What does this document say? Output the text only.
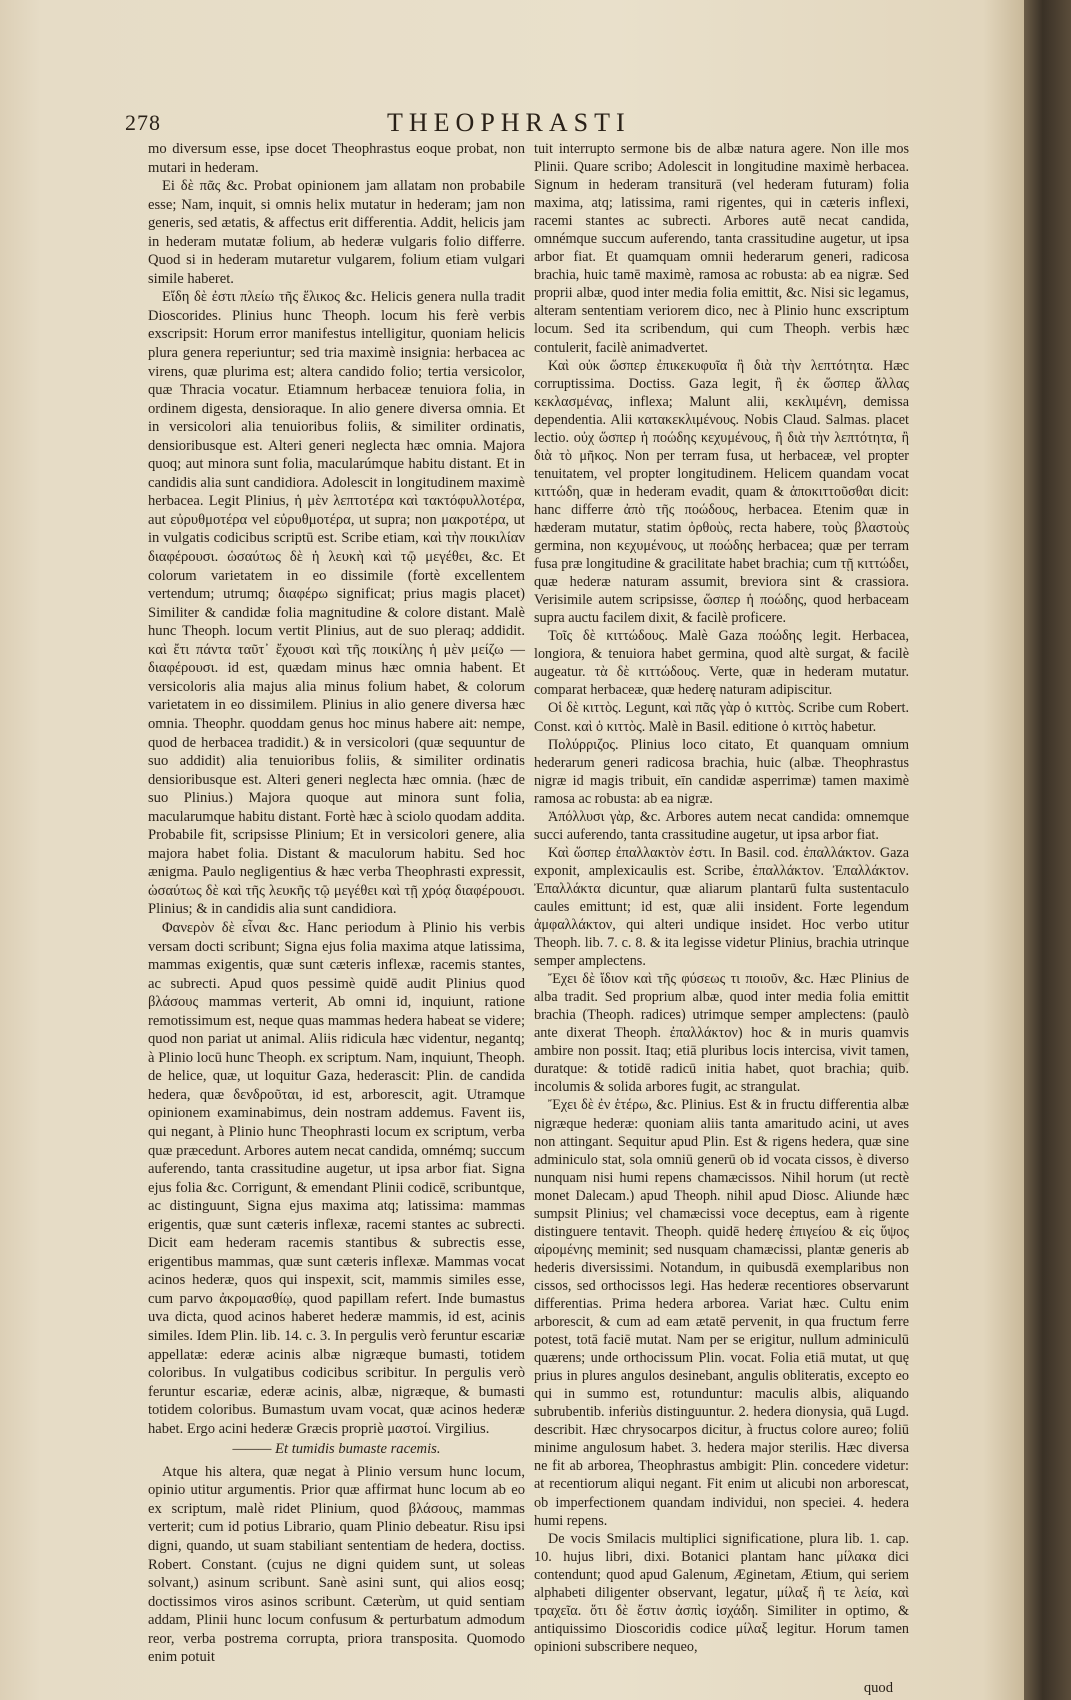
278	THEOPHRASTI

mo diversum esse, ipse docet Theophrastus eoque probat, non mutari in hederam.

Ei δὲ πᾶς &c. Probat opinionem jam allatam non probabile esse; Nam, inquit, si omnis helix mutatur in hederam; jam non generis, sed ætatis, & affectus erit differentia. Addit, helicis jam in hederam mutatæ folium, ab hederæ vulgaris folio differre. Quod si in hederam mutaretur vulgarem, folium etiam vulgari simile haberet.

Εἴδη δὲ ἐστι πλείω τῆς ἕλικος &c. Helicis genera nulla tradit Dioscorides. Plinius hunc Theoph. locum his ferè verbis exscripsit: Horum error manifestus intelligitur, quoniam helicis plura genera reperiuntur; sed tria maximè insignia: herbacea ac virens, quæ plurima est; altera candido folio; tertia versicolor, quæ Thracia vocatur. Etiamnum herbaceæ tenuiora folia, in ordinem digesta, densioraque. In alio genere diversa omnia. Et in versicolori alia tenuioribus foliis, & similiter ordinatis, densioribusque est. Alteri generi neglecta hæc omnia. Majora quoq; aut minora sunt folia, macularúmque habitu distant. Et in candidis alia sunt candidiora. Adolescit in longitudinem maximè herbacea. Legit Plinius, ἡ μὲν λεπτοτέρα καὶ τακτόφυλλοτέρα, aut εὐρυθμοτέρα vel εὐρυθμοτέρα, ut supra; non μακροτέρα, ut in vulgatis codicibus scriptū est. Scribe etiam, καὶ τὴν ποικιλίαν διαφέρουσι. ὡσαύτως δὲ ἡ λευκὴ καὶ τῷ μεγέθει, &c. Et colorum varietatem in eo dissimile (fortè excellentem vertendum; utrumq; διαφέρω significat; prius magis placet) Similiter & candidæ folia magnitudine & colore distant. Malè hunc Theoph. locum vertit Plinius, aut de suo pleraq; addidit. καὶ ἔτι πάντα ταῦτ᾽ ἔχουσι καὶ τῆς ποικίλης ἡ μὲν μείζω — διαφέρουσι. id est, quædam minus hæc omnia habent. Et versicoloris alia majus alia minus folium habet, & colorum varietatem in eo dissimilem. Plinius in alio genere diversa hæc omnia. Theophr. quoddam genus hoc minus habere ait: nempe, quod de herbacea tradidit.) & in versicolori (quæ sequuntur de suo addidit) alia tenuioribus foliis, & similiter ordinatis densioribusque est. Alteri generi neglecta hæc omnia. (hæc de suo Plinius.) Majora quoque aut minora sunt folia, macularumque habitu distant. Fortè hæc à sciolo quodam addita. Probabile fit, scripsisse Plinium; Et in versicolori genere, alia majora habet folia. Distant & maculorum habitu. Sed hoc ænigma. Paulo negligentius & hæc verba Theophrasti expressit, ὡσαύτως δὲ καὶ τῆς λευκῆς τῷ μεγέθει καὶ τῇ χρόᾳ διαφέρουσι. Plinius; & in candidis alia sunt candidiora.

Φανερὸν δὲ εἶναι &c. Hanc periodum à Plinio his verbis versam docti scribunt; Signa ejus folia maxima atque latissima, mammas exigentis, quæ sunt cæteris inflexæ, racemis stantes, ac subrecti. Apud quos pessimè quidē audit Plinius quod βλάσους mammas verterit, Ab omni id, inquiunt, ratione remotissimum est, neque quas mammas hedera habeat se videre; quod non pariat ut animal. Aliis ridicula hæc videntur, negantq; à Plinio locū hunc Theoph. ex scriptum. Nam, inquiunt, Theoph. de helice, quæ, ut loquitur Gaza, hederascit: Plin. de candida hedera, quæ δενδροῦται, id est, arborescit, agit. Utramque opinionem examinabimus, dein nostram addemus. Favent iis, qui negant, à Plinio hunc Theophrasti locum ex scriptum, verba quæ præcedunt. Arbores autem necat candida, omnémq; succum auferendo, tanta crassitudine augetur, ut ipsa arbor fiat. Signa ejus folia &c. Corrigunt, & emendant Plinii codicē, scribuntque, ac distinguunt, Signa ejus maxima atq; latissima: mammas erigentis, quæ sunt cæteris inflexæ, racemi stantes ac subrecti. Dicit eam hederam racemis stantibus & subrectis esse, erigentibus mammas, quæ sunt cæteris inflexæ. Mammas vocat acinos hederæ, quos qui inspexit, scit, mammis similes esse, cum parvo ἀκρομασθίῳ, quod papillam refert. Inde bumastus uva dicta, quod acinos haberet hederæ mammis, id est, acinis similes. Idem Plin. lib. 14. c. 3. In pergulis verò feruntur escariæ appellatæ: ederæ acinis albæ nigræque bumasti, totidem coloribus. In vulgatibus codicibus scribitur. In pergulis verò feruntur escariæ, ederæ acinis, albæ, nigræque, & bumasti totidem coloribus. Bumastum uvam vocat, quæ acinos hederæ habet. Ergo acini hederæ Græcis propriè μαστοί. Virgilius.

——— Et tumidis bumaste racemis.

Atque his altera, quæ negat à Plinio versum hunc locum, opinio utitur argumentis. Prior quæ affirmat hunc locum ab eo ex scriptum, malè ridet Plinium, quod βλάσους, mammas verterit; cum id potius Librario, quam Plinio debeatur. Risu ipsi digni, quando, ut suam stabiliant sententiam de hedera, doctiss. Robert. Constant. (cujus ne digni quidem sunt, ut soleas solvant,) asinum scribunt. Sanè asini sunt, qui alios eosq; doctissimos viros asinos scribunt. Cæterùm, ut quid sentiam addam, Plinii hunc locum confusum & perturbatum admodum reor, verba postrema corrupta, priora transposita. Quomodo enim potuit

tuit interrupto sermone bis de albæ natura agere. Non ille mos Plinii. Quare scribo; Adolescit in longitudine maximè herbacea. Signum in hederam transiturā (vel hederam futuram) folia maxima, atq; latissima, rami rigentes, qui in cæteris inflexi, racemi stantes ac subrecti. Arbores autē necat candida, omnémque succum auferendo, tanta crassitudine augetur, ut ipsa arbor fiat. Et quamquam omnii hederarum generi, radicosa brachia, huic tamē maximè, ramosa ac robusta: ab ea nigræ. Sed proprii albæ, quod inter media folia emittit, &c. Nisi sic legamus, alteram sententiam veriorem dico, nec à Plinio hunc exscriptum locum. Sed ita scribendum, qui cum Theoph. verbis hæc contulerit, facilè animadvertet.

Καὶ οὐκ ὥσπερ ἐπικεκυφυῖα ἢ διὰ τὴν λεπτότητα. Hæc corruptissima. Doctiss. Gaza legit, ἢ ἐκ ὥσπερ ἄλλας κεκλασμένας, inflexa; Malunt alii, κεκλιμένη, demissa dependentia. Alii κατακεκλιμένους. Nobis Claud. Salmas. placet lectio. οὐχ ὥσπερ ἡ ποώδης κεχυμένους, ἢ διὰ τὴν λεπτότητα, ἢ διὰ τὸ μῆκος. Non per terram fusa, ut herbaceæ, vel propter tenuitatem, vel propter longitudinem. Helicem quandam vocat κιττώδη, quæ in hederam evadit, quam & ἀποκιττοῦσθαι dicit: hanc differre ἀπὸ τῆς ποώδους, herbacea. Etenim quæ in hæderam mutatur, statim ὀρθοὺς, recta habere, τοὺς βλαστοὺς germina, non κεχυμένους, ut ποώδης herbacea; quæ per terram fusa præ longitudine & gracilitate habet brachia; cum τῇ κιττώδει, quæ hederæ naturam assumit, breviora sint & crassiora. Verisimile autem scripsisse, ὥσπερ ἡ ποώδης, quod herbaceam supra auctu facilem dixit, & facilè proficere.

Τοῖς δὲ κιττώδους. Malè Gaza ποώδης legit. Herbacea, longiora, & tenuiora habet germina, quod altè surgat, & facilè augeatur. τὰ δὲ κιττώδους. Verte, quæ in hederam mutatur. comparat herbaceæ, quæ hederę naturam adipiscitur.

Οἱ δὲ κιττὸς. Legunt, καὶ πᾶς γὰρ ὁ κιττὸς. Scribe cum Robert. Const. καὶ ὁ κιττὸς. Malè in Basil. editione ὁ κιττὸς habetur.

Πολύρριζος. Plinius loco citato, Et quanquam omnium hederarum generi radicosa brachia, huic (albæ. Theophrastus nigræ id magis tribuit, eīn candidæ asperrimæ) tamen maximè ramosa ac robusta: ab ea nigræ.

Ἀπόλλυσι γὰρ, &c. Arbores autem necat candida: omnemque succi auferendo, tanta crassitudine augetur, ut ipsa arbor fiat.

Καὶ ὥσπερ ἐπαλλακτὸν ἐστι. In Basil. cod. ἐπαλλάκτον. Gaza exponit, amplexicaulis est. Scribe, ἐπαλλάκτον. Ἐπαλλάκτον. Ἐπαλλάκτα dicuntur, quæ aliarum plantarū fulta sustentaculo caules emittunt; id est, quæ alii insident. Forte legendum ἀμφαλλάκτον, qui alteri undique insidet. Hoc verbo utitur Theoph. lib. 7. c. 8. & ita legisse videtur Plinius, brachia utrinque semper amplectens.

Ἔχει δὲ ἴδιον καὶ τῆς φύσεως τι ποιοῦν, &c. Hæc Plinius de alba tradit. Sed proprium albæ, quod inter media folia emittit brachia (Theoph. radices) utrimque semper amplectens: (paulò ante dixerat Theoph. ἐπαλλάκτον) hoc & in muris quamvis ambire non possit. Itaq; etiā pluribus locis intercisa, vivit tamen, duratque: & totidē radicū initia habet, quot brachia; quib. incolumis & solida arbores fugit, ac strangulat.

Ἔχει δὲ ἐν ἑτέρω, &c. Plinius. Est & in fructu differentia albæ nigræque hederæ: quoniam aliis tanta amaritudo acini, ut aves non attingant. Sequitur apud Plin. Est & rigens hedera, quæ sine adminiculo stat, sola omniū generū ob id vocata cissos, è diverso nunquam nisi humi repens chamæcissos. Nihil horum (ut rectè monet Dalecam.) apud Theoph. nihil apud Diosc. Aliunde hæc sumpsit Plinius; vel chamæcissi voce deceptus, eam à rigente distinguere tentavit. Theoph. quidē hederę ἐπιγείου & εἰς ὕψος αἰρομένης meminit; sed nusquam chamæcissi, plantæ generis ab hederis diversissimi. Notandum, in quibusdā exemplaribus non cissos, sed orthocissos legi. Has hederæ recentiores observarunt differentias. Prima hedera arborea. Variat hæc. Cultu enim arborescit, & cum ad eam ætatē pervenit, in qua fructum ferre potest, totā faciē mutat. Nam per se erigitur, nullum adminiculū quærens; unde orthocissum Plin. vocat. Folia etiā mutat, ut quę prius in plures angulos desinebant, angulis obliteratis, excepto eo qui in summo est, rotunduntur: maculis albis, aliquando subrubentib. inferiùs distinguuntur. 2. hedera dionysia, quā Lugd. describit. Hæc chrysocarpos dicitur, à fructus colore aureo; foliū minime angulosum habet. 3. hedera major sterilis. Hæc diversa ne fit ab arborea, Theophrastus ambigit: Plin. concedere videtur: at recentiorum aliqui negant. Fit enim ut alicubi non arborescat, ob imperfectionem quandam individui, non speciei. 4. hedera humi repens.

De vocis Smilacis multiplici significatione, plura lib. 1. cap. 10. hujus libri, dixi. Botanici plantam hanc μίλακα dici contendunt; quod apud Galenum, Æginetam, Ætium, qui seriem alphabeti diligenter observant, legatur, μίλαξ ἢ τε λεία, καὶ τραχεῖα. ὅτι δὲ ἔστιν ἀσπὶς ἰσχάδη. Similiter in optimo, & antiquissimo Dioscoridis codice μίλαξ legitur. Horum tamen opinioni subscribere nequeo,

quod
